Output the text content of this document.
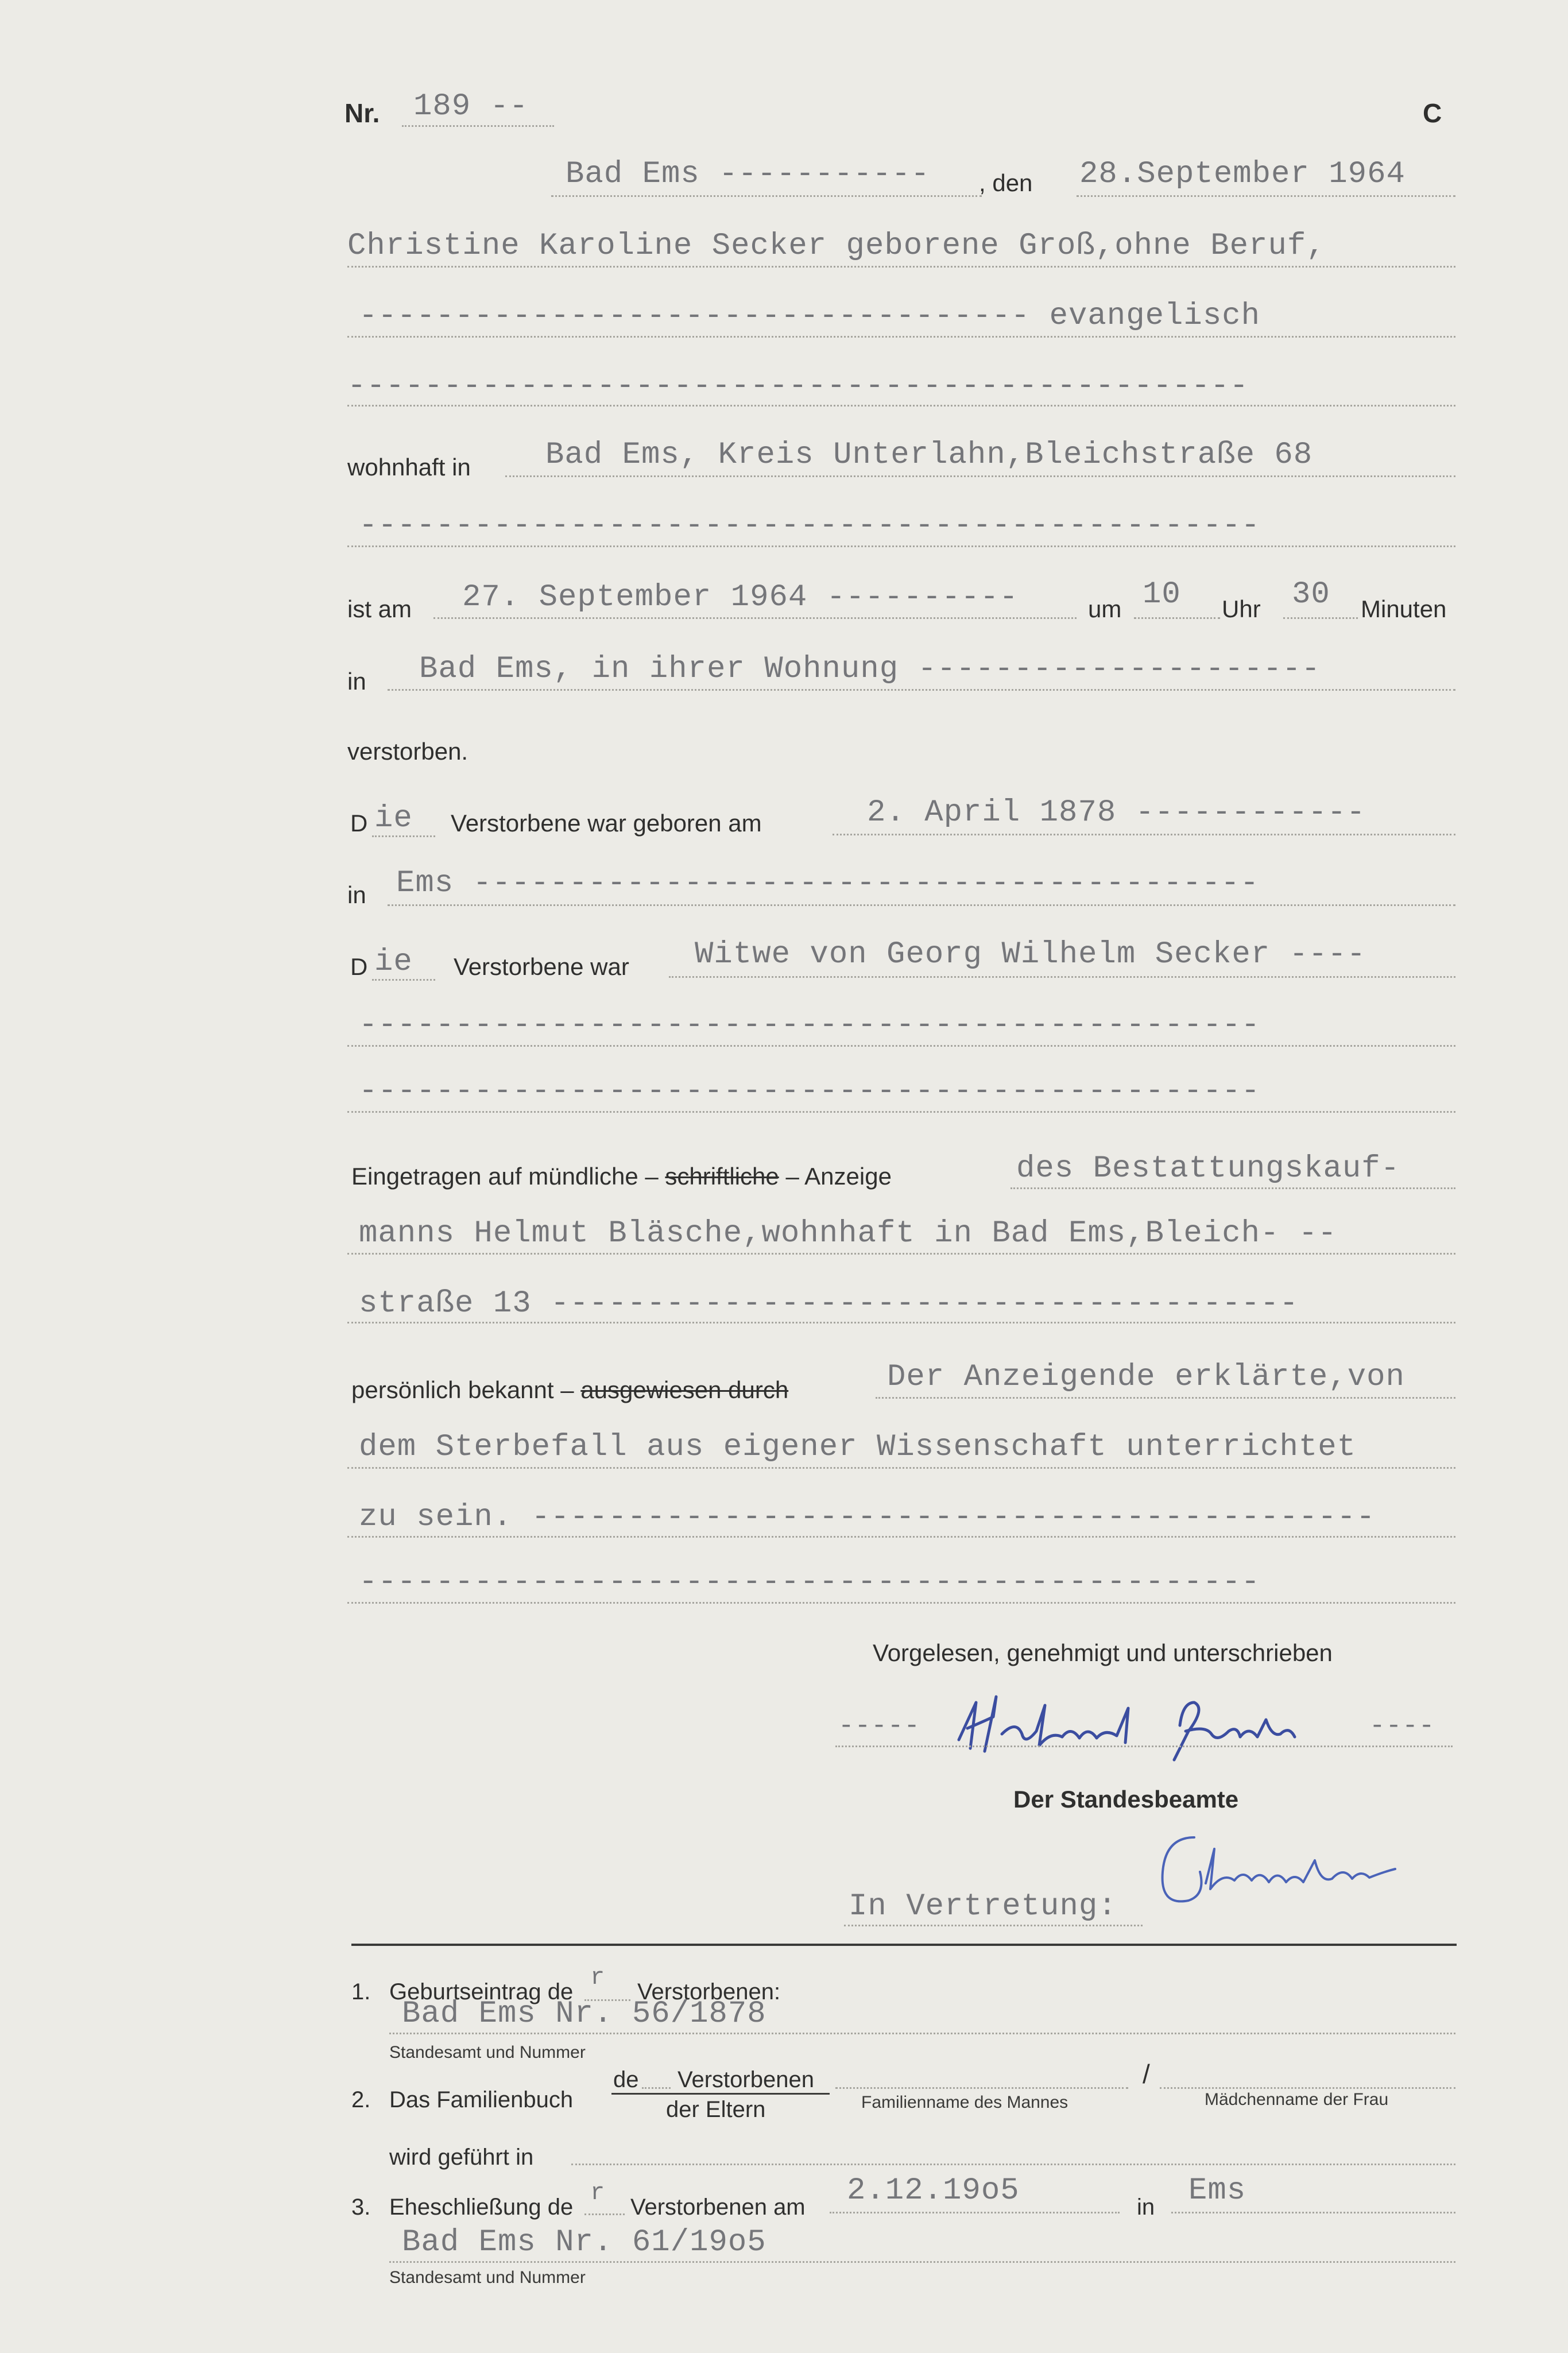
Nr. 189 --	C
Bad Ems ----------- , den 28.September 1964
Christine Karoline Secker geborene Groß,ohne Beruf,
----------------------------------- evangelisch
-----------------------------------------------
wohnhaft in Bad Ems, Kreis Unterlahn,Bleichstraße 68
-----------------------------------------------
ist am 27. September 1964 ----------	um 10 Uhr 30 Minuten
in Bad Ems, in ihrer Wohnung ---------------------
verstorben.
D ie Verstorbene war geboren am	2. April 1878 ------------
in Ems -----------------------------------------
D ie Verstorbene war Witwe von Georg Wilhelm Secker ----
-----------------------------------------------
-----------------------------------------------
Eingetragen auf mündliche – schriftliche – Anzeige	des Bestattungskauf-
manns Helmut Bläsche,wohnhaft in Bad Ems,Bleich- --
straße 13 ---------------------------------------
persönlich bekannt – ausgewiesen durch	Der Anzeigende erklärte,von
dem Sterbefall aus eigener Wissenschaft unterrichtet
zu sein. --------------------------------------------
-----------------------------------------------
Vorgelesen, genehmigt und unterschrieben
-----	----
Der Standesbeamte
In Vertretung:
1. Geburtseintrag de
r
Verstorbenen:
Bad Ems Nr. 56/1878
Standesamt und Nummer
2. Das Familienbuch
de Verstorbenen
der Eltern	Familienname des Mannes
/
Mädchenname der Frau
wird geführt in
3. Eheschließung de
r
Verstorbenen am 2.12.19o5	in Ems
Bad Ems Nr. 61/19o5
Standesamt und Nummer
